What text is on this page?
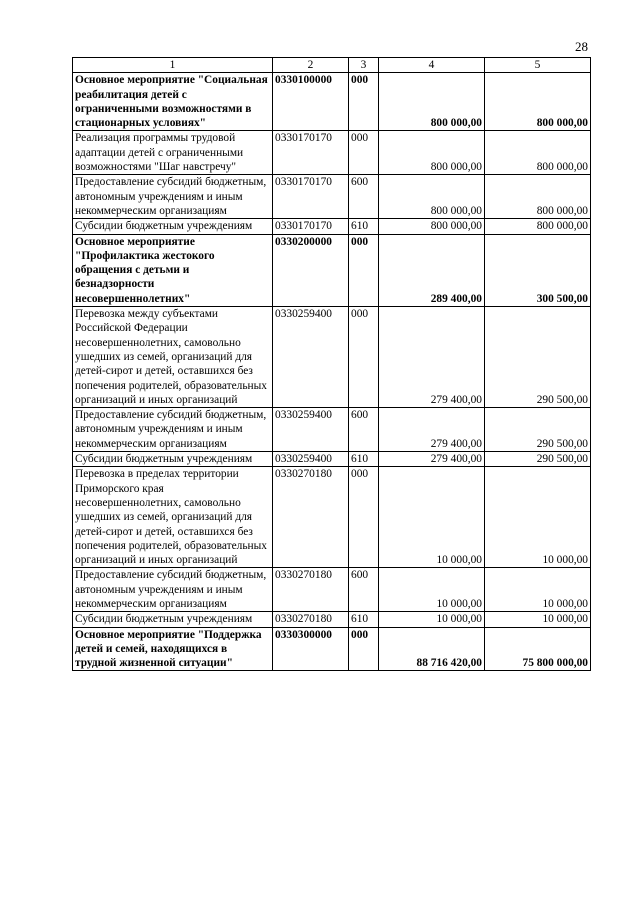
28
1	2	3	4	5
Основное мероприятие "Социальная реабилитация детей с ограниченными возможностями в стационарных условиях"	0330100000	000	800 000,00	800 000,00
Реализация программы трудовой адаптации детей с ограниченными возможностями "Шаг навстречу"	0330170170	000	800 000,00	800 000,00
Предоставление субсидий бюджетным, автономным учреждениям и иным некоммерческим организациям	0330170170	600	800 000,00	800 000,00
Субсидии бюджетным учреждениям	0330170170	610	800 000,00	800 000,00
Основное мероприятие "Профилактика жестокого обращения с детьми и безнадзорности несовершеннолетних"	0330200000	000	289 400,00	300 500,00
Перевозка между субъектами Российской Федерации несовершеннолетних, самовольно ушедших из семей, организаций для детей-сирот и детей, оставшихся без попечения родителей, образовательных организаций и иных организаций	0330259400	000	279 400,00	290 500,00
Предоставление субсидий бюджетным, автономным учреждениям и иным некоммерческим организациям	0330259400	600	279 400,00	290 500,00
Субсидии бюджетным учреждениям	0330259400	610	279 400,00	290 500,00
Перевозка в пределах территории Приморского края несовершеннолетних, самовольно ушедших из семей, организаций для детей-сирот и детей, оставшихся без попечения родителей, образовательных организаций и иных организаций	0330270180	000	10 000,00	10 000,00
Предоставление субсидий бюджетным, автономным учреждениям и иным некоммерческим организациям	0330270180	600	10 000,00	10 000,00
Субсидии бюджетным учреждениям	0330270180	610	10 000,00	10 000,00
Основное мероприятие "Поддержка детей и семей, находящихся в трудной жизненной ситуации"	0330300000	000	88 716 420,00	75 800 000,00
